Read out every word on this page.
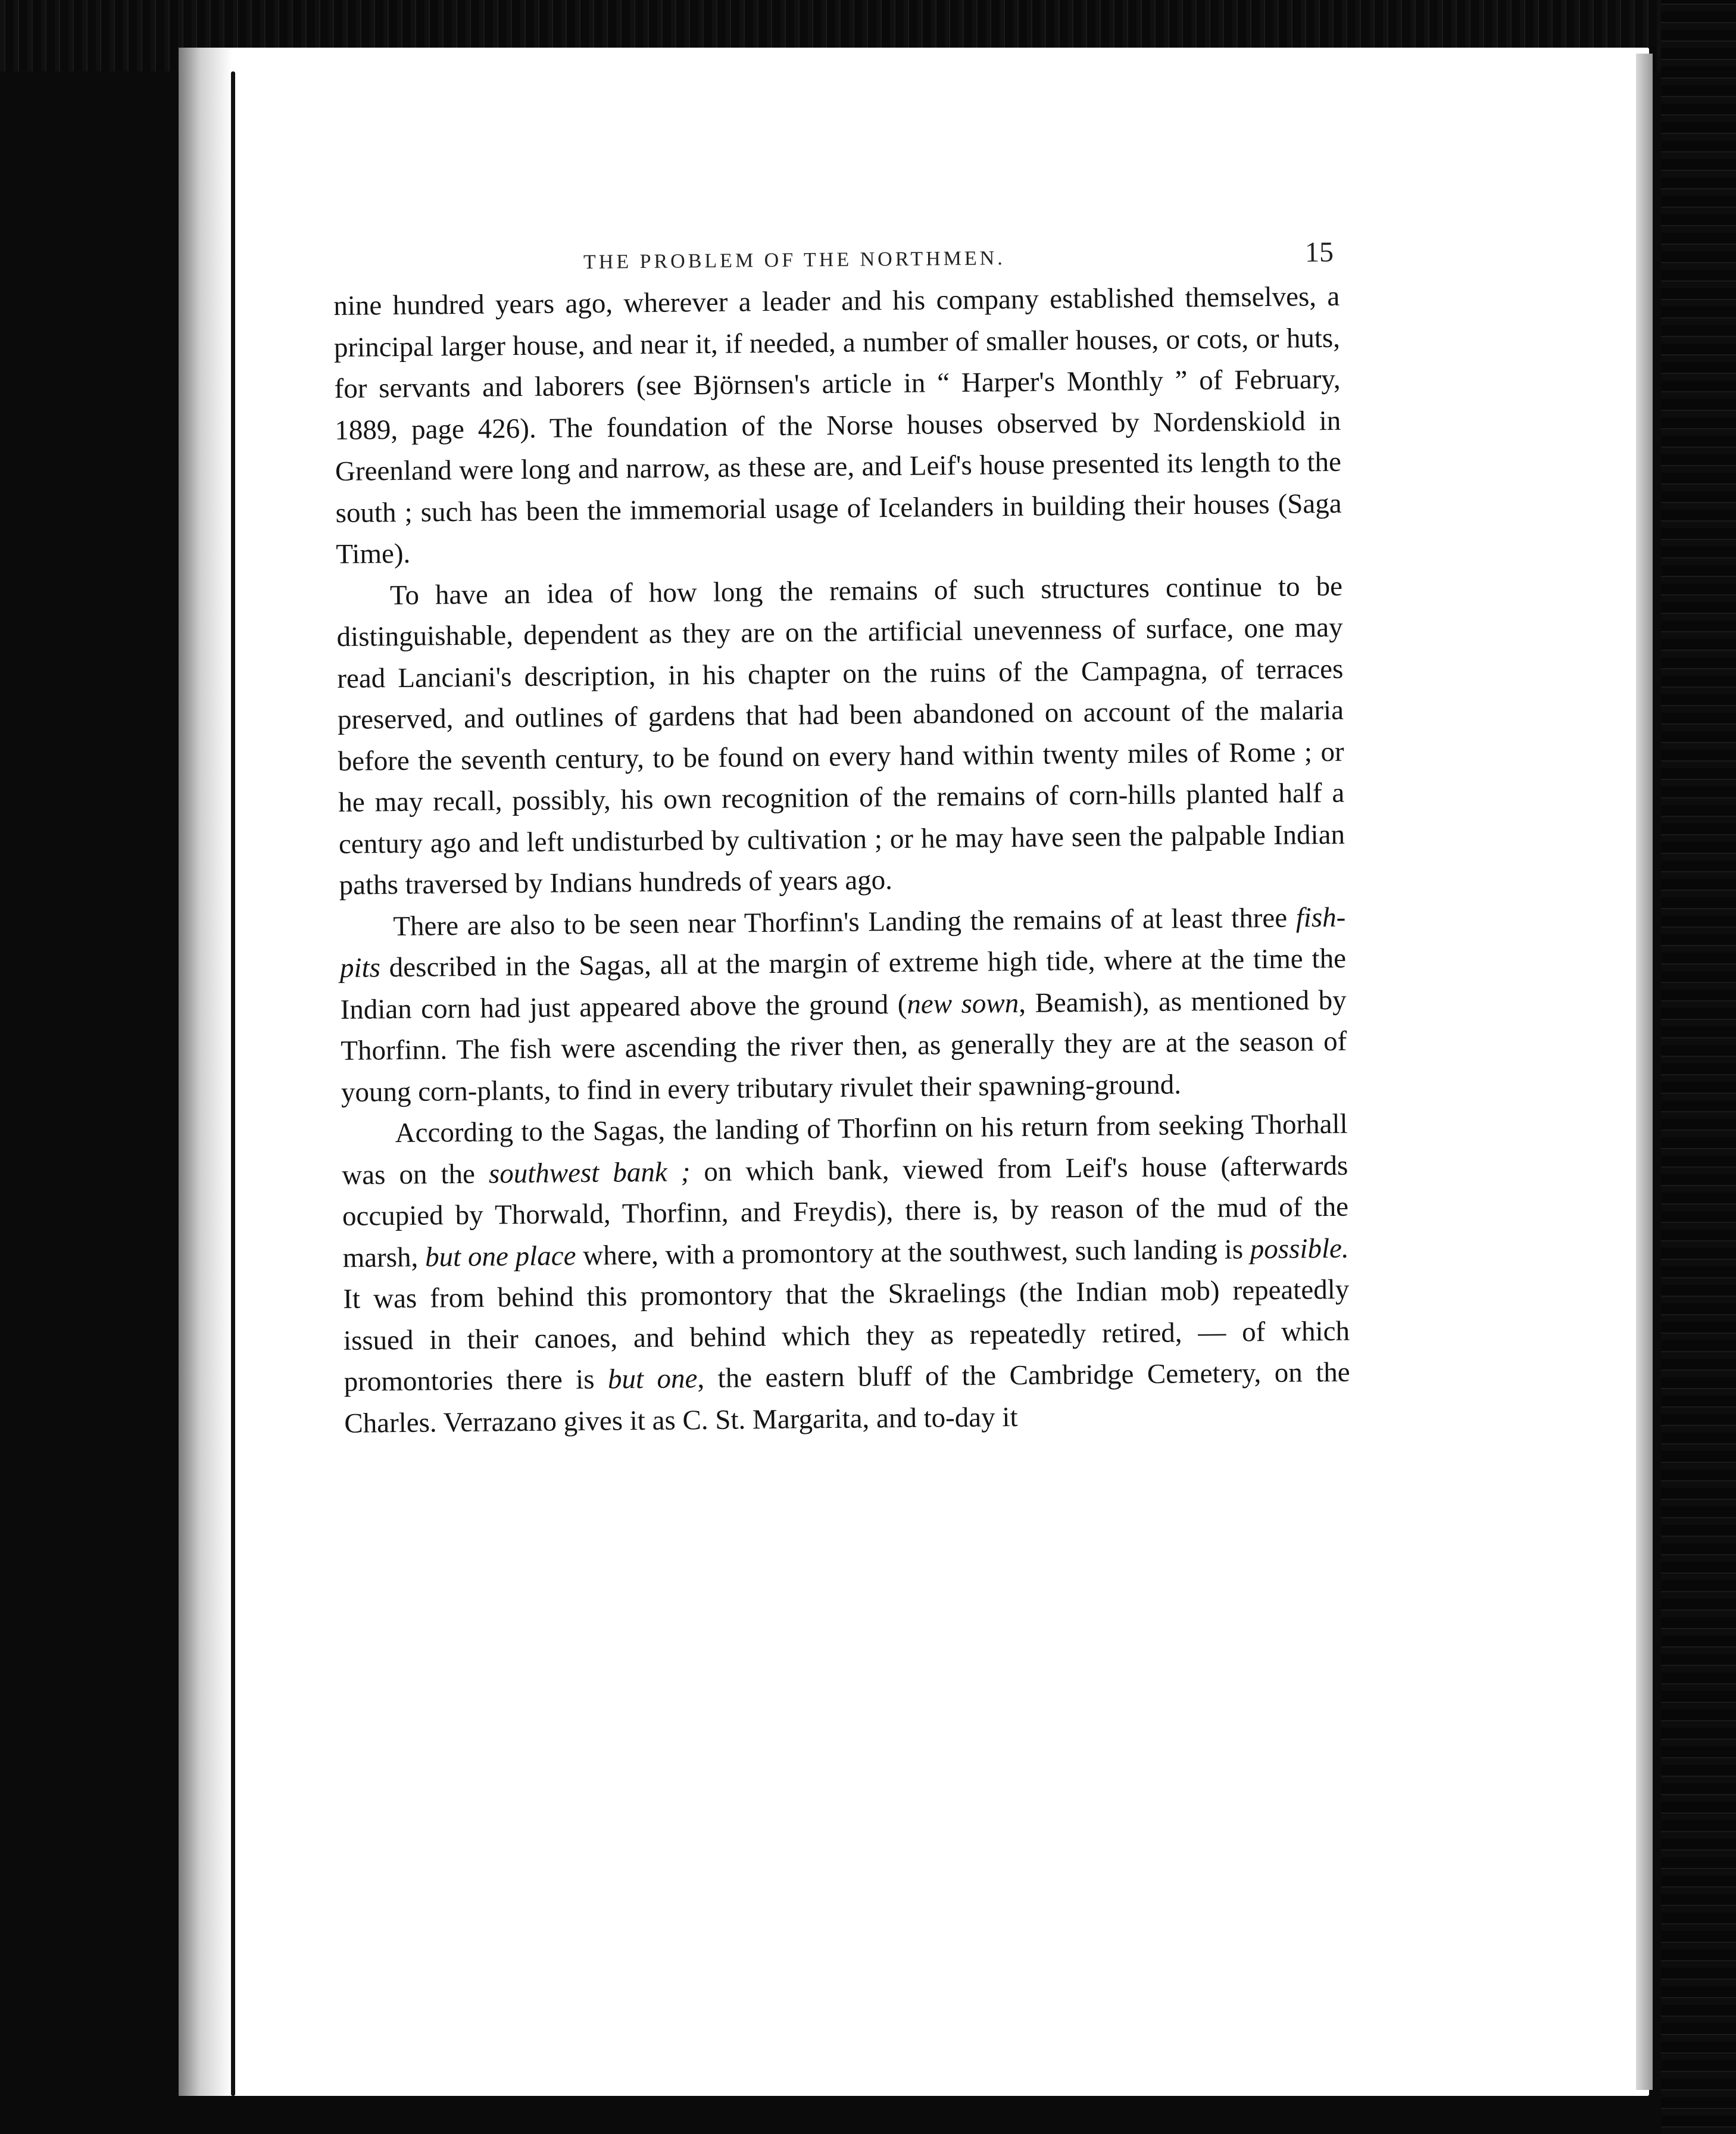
THE PROBLEM OF THE NORTHMEN.	15

nine hundred years ago, wherever a leader and his company established themselves, a principal larger house, and near it, if needed, a number of smaller houses, or cots, or huts, for servants and laborers (see Björnsen's article in “ Harper's Monthly ” of February, 1889, page 426). The foundation of the Norse houses observed by Nordenskiold in Greenland were long and narrow, as these are, and Leif's house presented its length to the south ; such has been the immemorial usage of Icelanders in building their houses (Saga Time).

To have an idea of how long the remains of such structures continue to be distinguishable, dependent as they are on the artificial unevenness of surface, one may read Lanciani's description, in his chapter on the ruins of the Campagna, of terraces preserved, and outlines of gardens that had been abandoned on account of the malaria before the seventh century, to be found on every hand within twenty miles of Rome ; or he may recall, possibly, his own recognition of the remains of corn-hills planted half a century ago and left undisturbed by cultivation ; or he may have seen the palpable Indian paths traversed by Indians hundreds of years ago.

There are also to be seen near Thorfinn's Landing the remains of at least three fish-pits described in the Sagas, all at the margin of extreme high tide, where at the time the Indian corn had just appeared above the ground (new sown, Beamish), as mentioned by Thorfinn. The fish were ascending the river then, as generally they are at the season of young corn-plants, to find in every tributary rivulet their spawning-ground.

According to the Sagas, the landing of Thorfinn on his return from seeking Thorhall was on the southwest bank ; on which bank, viewed from Leif's house (afterwards occupied by Thorwald, Thorfinn, and Freydis), there is, by reason of the mud of the marsh, but one place where, with a promontory at the southwest, such landing is possible. It was from behind this promontory that the Skraelings (the Indian mob) repeatedly issued in their canoes, and behind which they as repeatedly retired, — of which promontories there is but one, the eastern bluff of the Cambridge Cemetery, on the Charles. Verrazano gives it as C. St. Margarita, and to-day it
